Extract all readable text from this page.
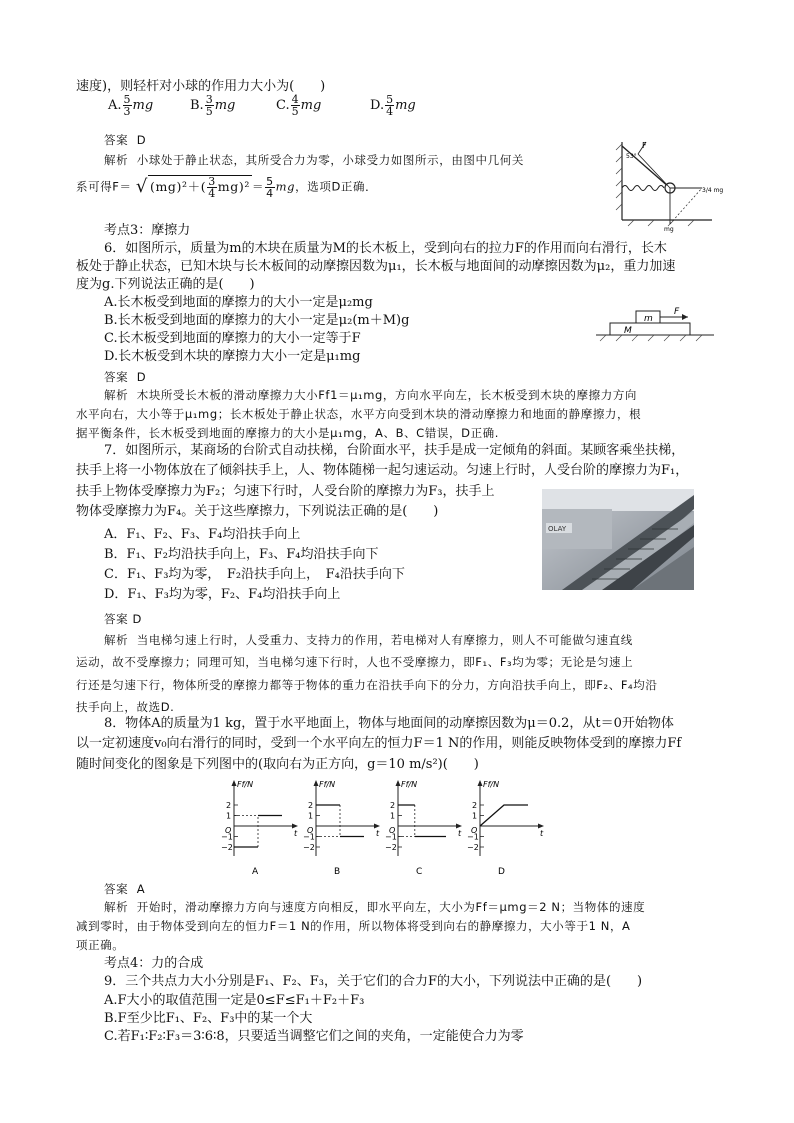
速度)，则轻杆对小球的作用力大小为(　　)
A. $\frac{5}{3}$ mg	B. $\frac{3}{5}$ mg	C. $\frac{4}{5}$ mg	D. $\frac{5}{4}$ mg
答案 D
解析 小球处于静止状态，其所受合力为零，小球受力如图所示，由图中几何关
系可得F＝ √ $(mg)^2+( \frac{3}{4} mg)^2 = \frac{5}{4}$ mg，选项D正确．
F
53°
3/4 mg
mg
考点3：摩擦力
6．如图所示，质量为m的木块在质量为M的长木板上，受到向右的拉力F的作用而向右滑行，长木
板处于静止状态，已知木块与长木板间的动摩擦因数为μ₁，长木板与地面间的动摩擦因数为μ₂，重力加速
度为g.下列说法正确的是(　　)
A.长木板受到地面的摩擦力的大小一定是μ₂mg
B.长木板受到地面的摩擦力的大小一定是μ₂(m＋M)g
C.长木板受到地面的摩擦力的大小一定等于F
D.长木板受到木块的摩擦力大小一定是μ₁mg
m
M
F
答案 D
解析 木块所受长木板的滑动摩擦力大小Ff1＝μ₁mg，方向水平向左，长木板受到木块的摩擦力方向
水平向右，大小等于μ₁mg；长木板处于静止状态，水平方向受到木块的滑动摩擦力和地面的静摩擦力，根
据平衡条件，长木板受到地面的摩擦力的大小是μ₁mg，A、B、C错误，D正确.
7．如图所示，某商场的台阶式自动扶梯，台阶面水平，扶手是成一定倾角的斜面。某顾客乘坐扶梯，
扶手上将一小物体放在了倾斜扶手上，人、物体随梯一起匀速运动。匀速上行时，人受台阶的摩擦力为F₁，
扶手上物体受摩擦力为F₂；匀速下行时，人受台阶的摩擦力为F₃，扶手上
物体受摩擦力为F₄。关于这些摩擦力，下列说法正确的是(　　)
A．F₁、F₂、F₃、F₄均沿扶手向上
B．F₁、F₂均沿扶手向上，F₃、F₄均沿扶手向下
C．F₁、F₃均为零，　F₂沿扶手向上，　F₄沿扶手向下
D．F₁、F₃均为零，F₂、F₄均沿扶手向上
OLAY
答案 D
解析 当电梯匀速上行时，人受重力、支持力的作用，若电梯对人有摩擦力，则人不可能做匀速直线
运动，故不受摩擦力；同理可知，当电梯匀速下行时，人也不受摩擦力，即F₁、F₃均为零；无论是匀速上
行还是匀速下行，物体所受的摩擦力都等于物体的重力在沿扶手向下的分力，方向沿扶手向上，即F₂、F₄均沿
扶手向上，故选D.
8．物体A的质量为1 kg，置于水平地面上，物体与地面间的动摩擦因数为μ＝0.2，从t＝0开始物体
以一定初速度v₀向右滑行的同时，受到一个水平向左的恒力F＝1 N的作用，则能反映物体受到的摩擦力Ff
随时间变化的图象是下列图中的(取向右为正方向，g＝10 m/s²)(　　)
Ff/N
t
O
2
1
−1
−2
A
Ff/N
t
O
2
1
−1
−2
B
Ff/N
t
O
2
1
−1
−2
C
Ff/N
t
O
2
1
−1
−2
D
答案 A
解析 开始时，滑动摩擦力方向与速度方向相反，即水平向左，大小为Ff＝μmg＝2 N；当物体的速度
减到零时，由于物体受到向左的恒力F＝1 N的作用，所以物体将受到向右的静摩擦力，大小等于1 N，A
项正确。
考点4：力的合成
9．三个共点力大小分别是F₁、F₂、F₃，关于它们的合力F的大小，下列说法中正确的是(　　)
A.F大小的取值范围一定是0≤F≤F₁＋F₂＋F₃
B.F至少比F₁、F₂、F₃中的某一个大
C.若F₁∶F₂∶F₃＝3∶6∶8，只要适当调整它们之间的夹角，一定能使合力为零
